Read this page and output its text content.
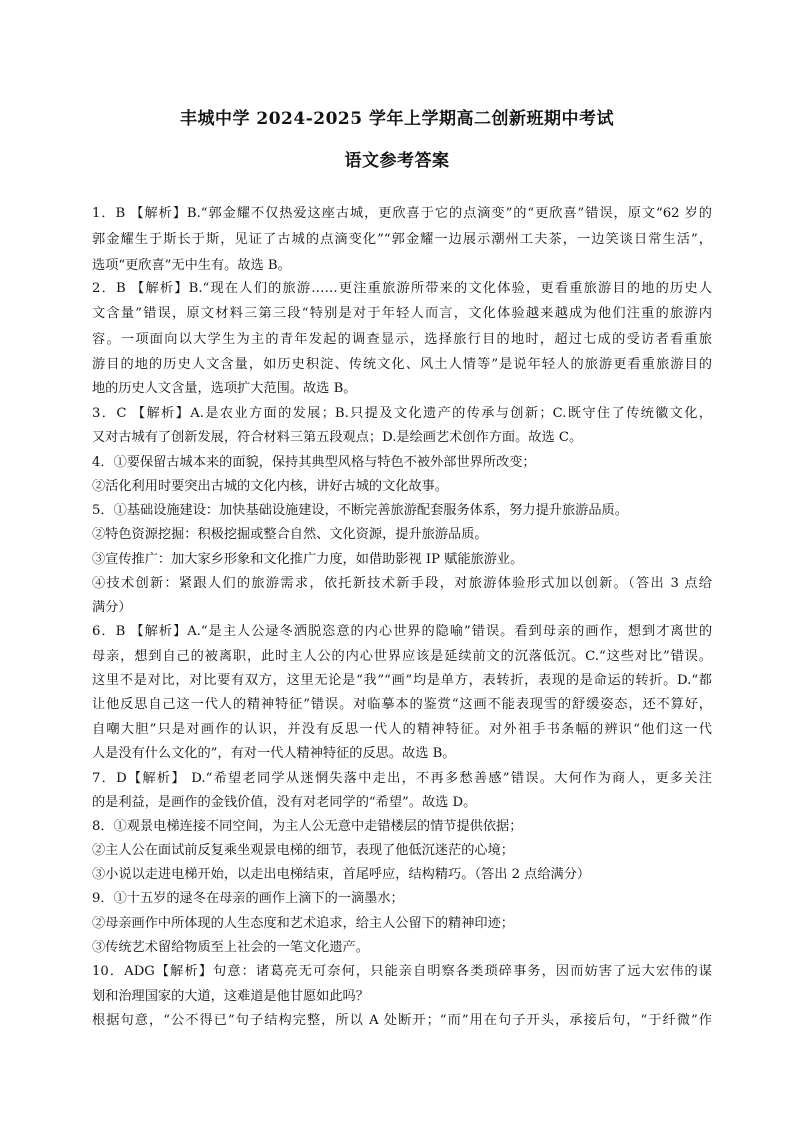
丰城中学 2024-2025 学年上学期高二创新班期中考试
语文参考答案
1．B 【解析】B.“郭金耀不仅热爱这座古城，更欣喜于它的点滴变”的“更欣喜”错误，原文“62 岁的
郭金耀生于斯长于斯，见证了古城的点滴变化”“郭金耀一边展示潮州工夫茶，一边笑谈日常生活”，
选项“更欣喜”无中生有。故选 B。
2．B 【解析】B.“现在人们的旅游……更注重旅游所带来的文化体验，更看重旅游目的地的历史人
文含量”错误，原文材料三第三段“特别是对于年轻人而言，文化体验越来越成为他们注重的旅游内
容。一项面向以大学生为主的青年发起的调查显示，选择旅行目的地时，超过七成的受访者看重旅
游目的地的历史人文含量，如历史积淀、传统文化、风土人情等”是说年轻人的旅游更看重旅游目的
地的历史人文含量，选项扩大范围。故选 B。
3．C 【解析】A.是农业方面的发展；B.只提及文化遗产的传承与创新；C.既守住了传统徽文化，
又对古城有了创新发展，符合材料三第五段观点；D.是绘画艺术创作方面。故选 C。
4．①要保留古城本来的面貌，保持其典型风格与特色不被外部世界所改变；
②活化利用时要突出古城的文化内核，讲好古城的文化故事。
5．①基础设施建设：加快基础设施建设，不断完善旅游配套服务体系，努力提升旅游品质。
②特色资源挖掘：积极挖掘或整合自然、文化资源，提升旅游品质。
③宣传推广：加大家乡形象和文化推广力度，如借助影视 IP 赋能旅游业。
④技术创新：紧跟人们的旅游需求，依托新技术新手段，对旅游体验形式加以创新。（答出 3 点给
满分）
6．B 【解析】A.“是主人公逯冬洒脱恣意的内心世界的隐喻”错误。看到母亲的画作，想到才离世的
母亲，想到自己的被离职，此时主人公的内心世界应该是延续前文的沉落低沉。C.“这些对比”错误。
这里不是对比，对比要有双方，这里无论是“我”“画”均是单方，表转折，表现的是命运的转折。D.“都
让他反思自己这一代人的精神特征”错误。对临摹本的鉴赏“这画不能表现雪的舒缓姿态，还不算好，
自嘲大胆”只是对画作的认识，并没有反思一代人的精神特征。对外祖手书条幅的辨识“他们这一代
人是没有什么文化的”，有对一代人精神特征的反思。故选 B。
7．D【解析】 D.“希望老同学从迷惘失落中走出，不再多愁善感”错误。大何作为商人，更多关注
的是利益，是画作的金钱价值，没有对老同学的“希望”。故选 D。
8．①观景电梯连接不同空间，为主人公无意中走错楼层的情节提供依据；
②主人公在面试前反复乘坐观景电梯的细节，表现了他低沉迷茫的心境；
③小说以走进电梯开始，以走出电梯结束，首尾呼应，结构精巧。（答出 2 点给满分）
9．①十五岁的逯冬在母亲的画作上滴下的一滴墨水；
②母亲画作中所体现的人生态度和艺术追求，给主人公留下的精神印迹；
③传统艺术留给物质至上社会的一笔文化遗产。
10．ADG【解析】句意：诸葛亮无可奈何，只能亲自明察各类琐碎事务，因而妨害了远大宏伟的谋
划和治理国家的大道，这难道是他甘愿如此吗？
根据句意，“公不得已”句子结构完整，所以 A 处断开；“而”用在句子开头，承接后句，“于纤微”作
